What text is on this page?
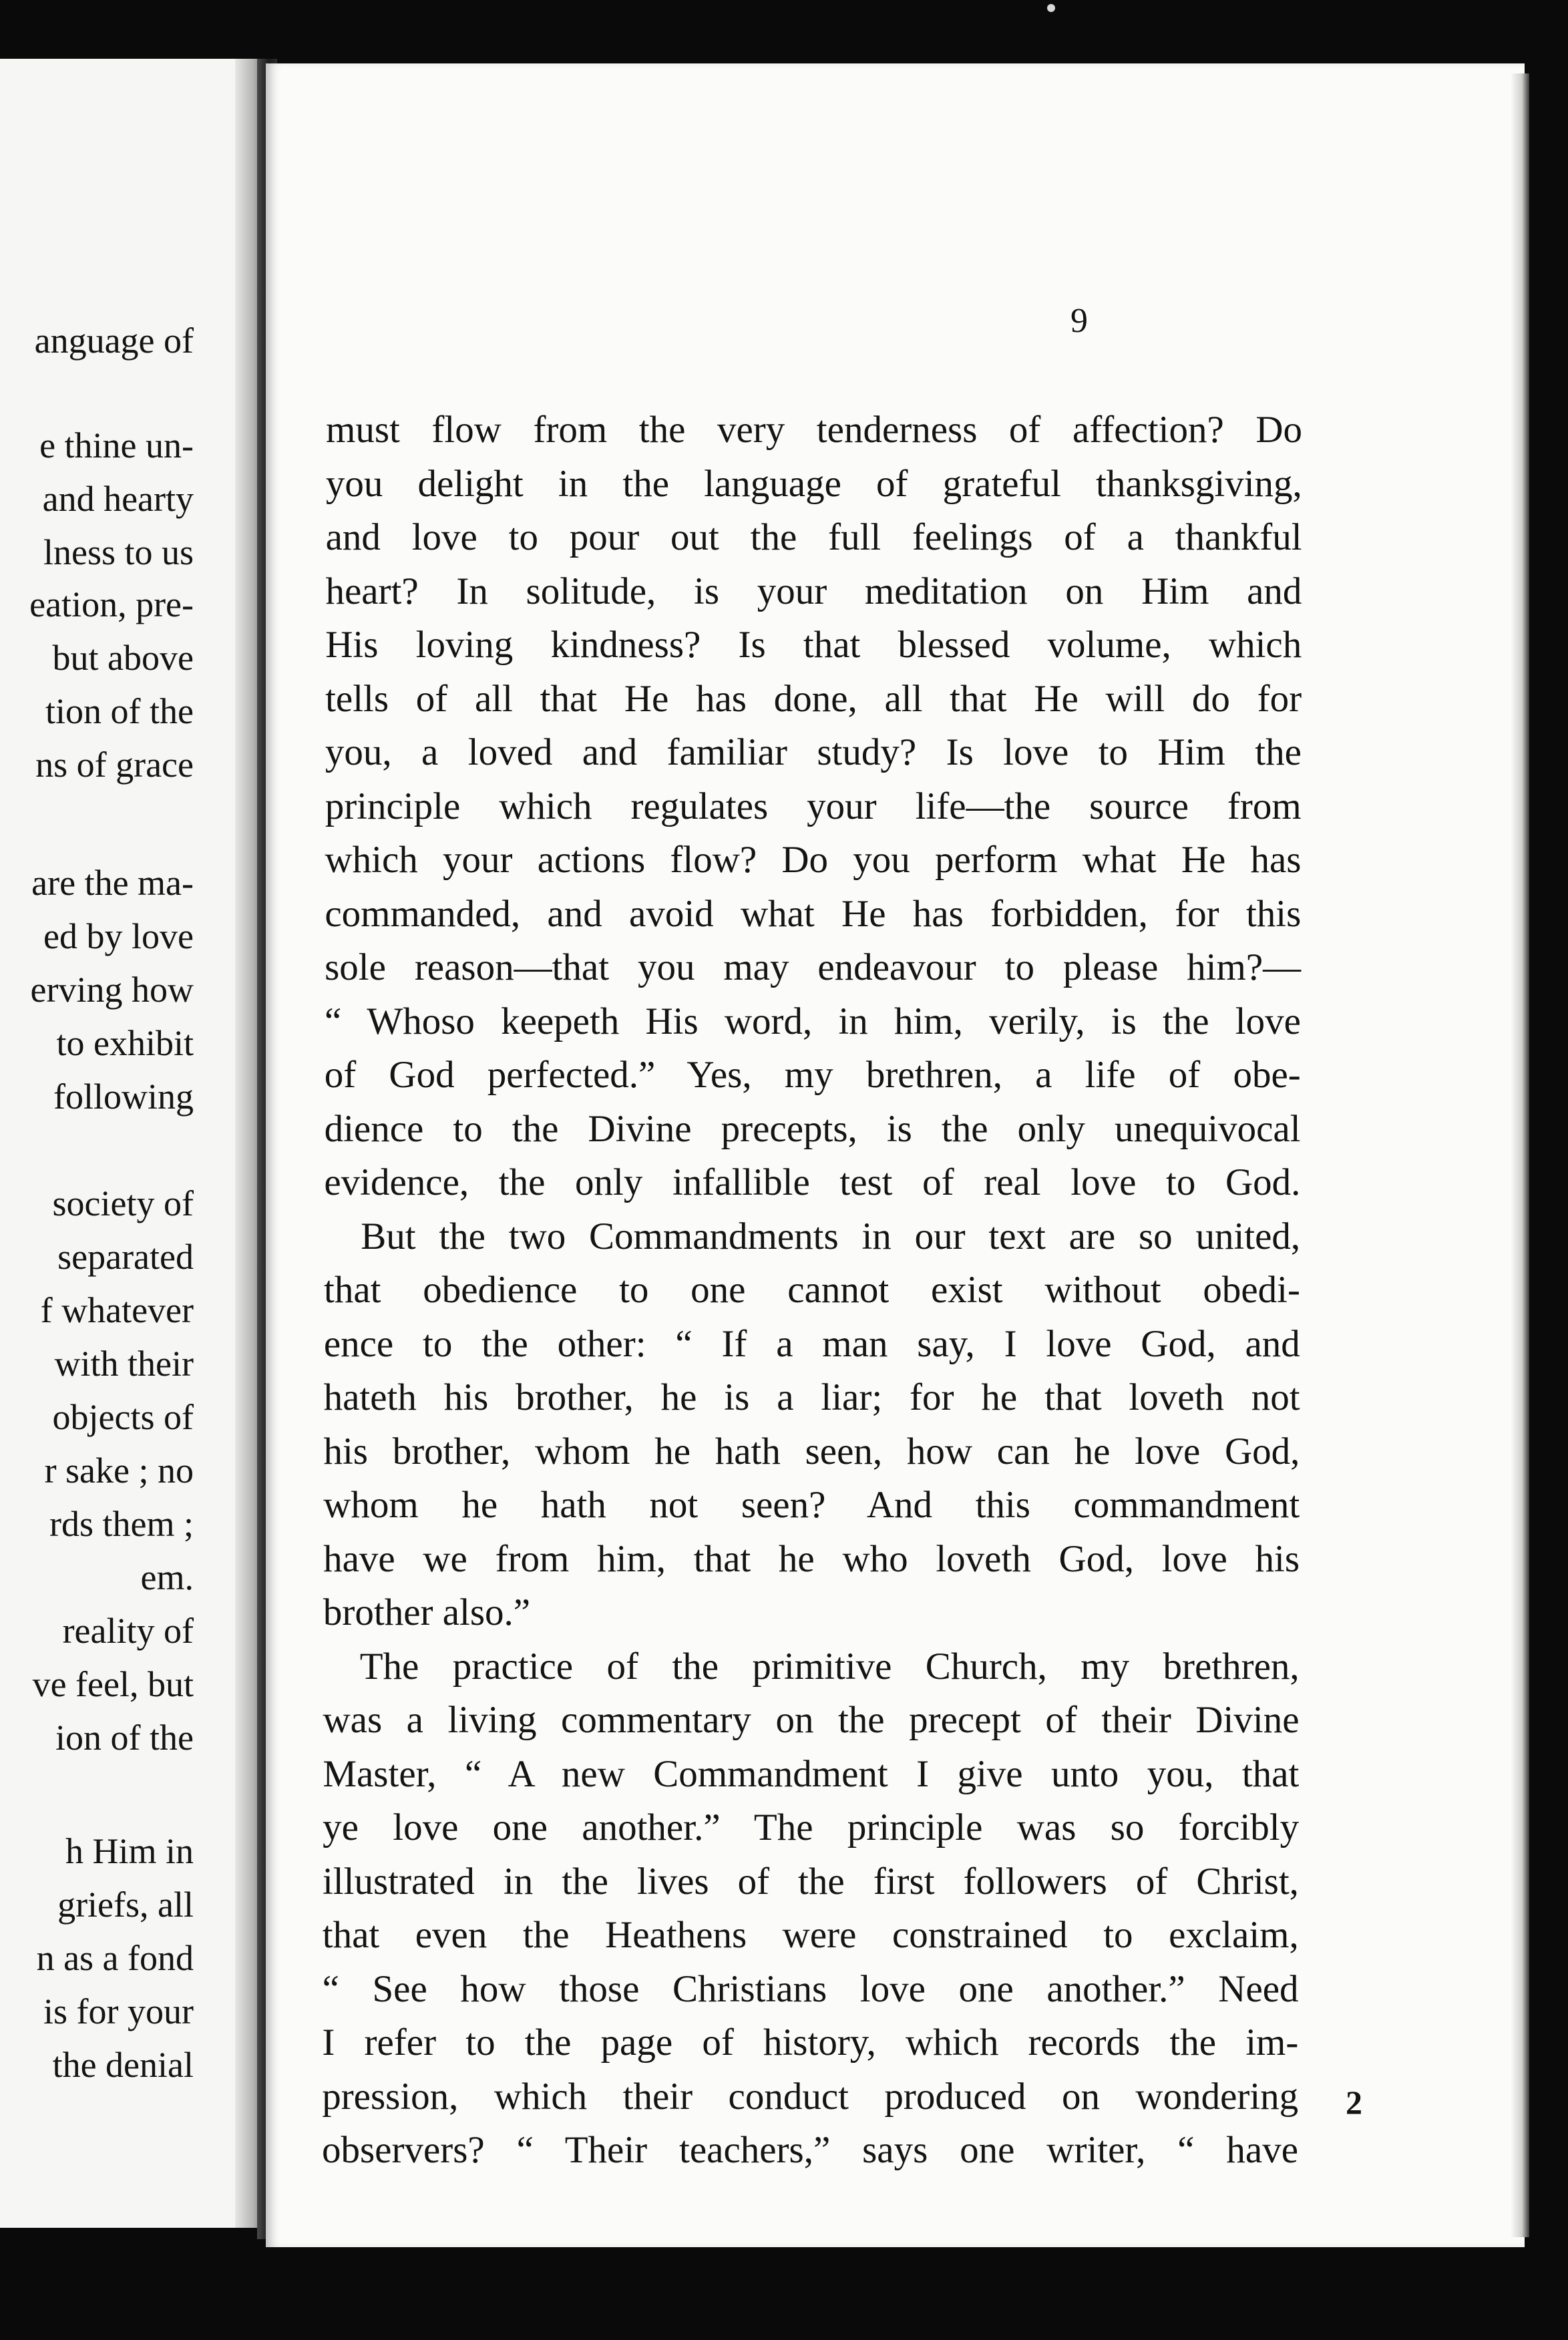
anguage of

e thine un-

and hearty

lness to us

eation, pre-

but above

tion of the

ns of grace

are the ma-

ed by love

erving how

to exhibit

following

society of

separated

f whatever

with their

objects of

r sake ; no

rds them ;

em.

reality of

ve feel, but

ion of the

h Him in

griefs, all

n as a fond

is for your

the denial

9

must flow from the very tenderness of affection? Do

you delight in the language of grateful thanksgiving,

and love to pour out the full feelings of a thankful

heart? In solitude, is your meditation on Him and

His loving kindness? Is that blessed volume, which

tells of all that He has done, all that He will do for

you, a loved and familiar study? Is love to Him the

principle which regulates your life—the source from

which your actions flow? Do you perform what He has

commanded, and avoid what He has forbidden, for this

sole reason—that you may endeavour to please him?—

“ Whoso keepeth His word, in him, verily, is the love

of God perfected.” Yes, my brethren, a life of obe-

dience to the Divine precepts, is the only unequivocal

evidence, the only infallible test of real love to God.

But the two Commandments in our text are so united,

that obedience to one cannot exist without obedi-

ence to the other: “ If a man say, I love God, and

hateth his brother, he is a liar; for he that loveth not

his brother, whom he hath seen, how can he love God,

whom he hath not seen? And this commandment

have we from him, that he who loveth God, love his

brother also.”

The practice of the primitive Church, my brethren,

was a living commentary on the precept of their Divine

Master, “ A new Commandment I give unto you, that

ye love one another.” The principle was so forcibly

illustrated in the lives of the first followers of Christ,

that even the Heathens were constrained to exclaim,

“ See how those Christians love one another.” Need

I refer to the page of history, which records the im-

pression, which their conduct produced on wondering

observers? “ Their teachers,” says one writer, “ have

2
